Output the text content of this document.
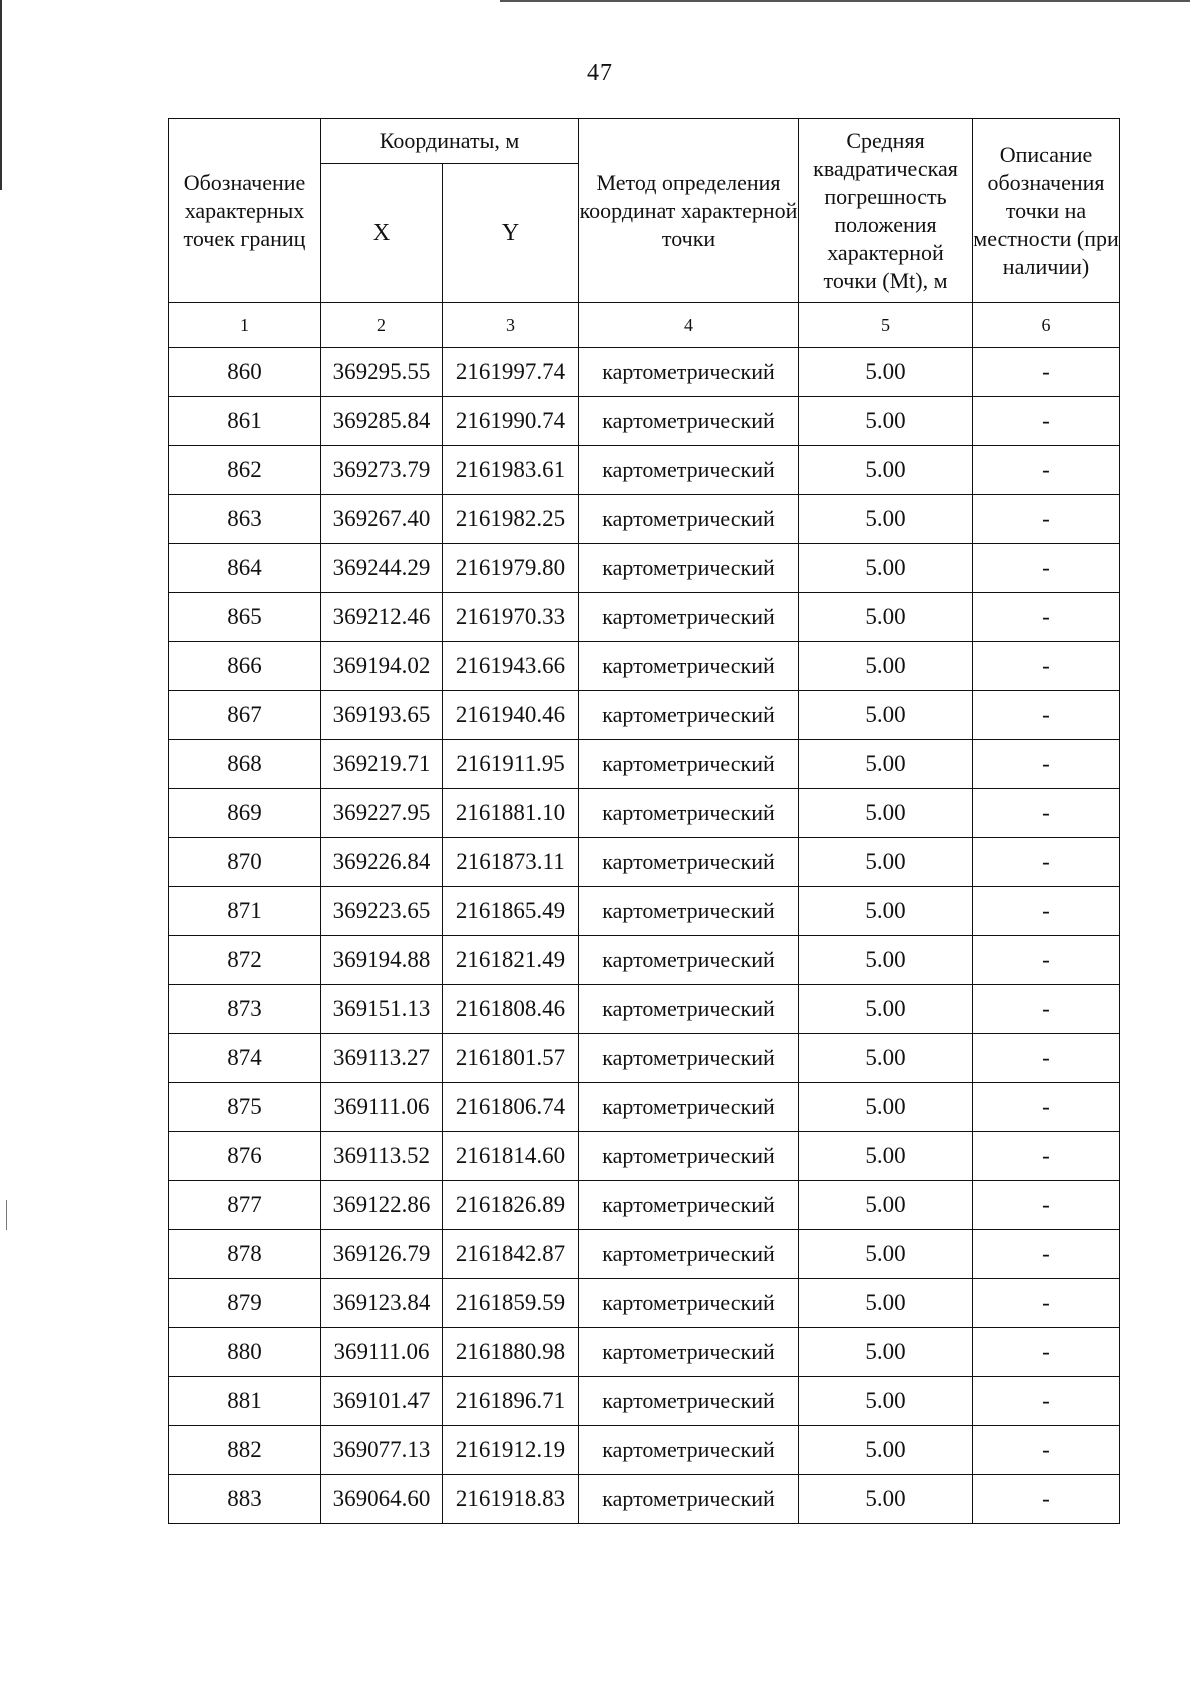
47
Обозначение характерных точек границ	Координаты, м		Метод определения координат характерной точки	Средняя квадратическая погрешность положения характерной точки (Mt), м	Описание обозначения точки на местности (при наличии)
	X	Y			
1	2	3	4	5	6
860	369295.55	2161997.74	картометрический	5.00	-
861	369285.84	2161990.74	картометрический	5.00	-
862	369273.79	2161983.61	картометрический	5.00	-
863	369267.40	2161982.25	картометрический	5.00	-
864	369244.29	2161979.80	картометрический	5.00	-
865	369212.46	2161970.33	картометрический	5.00	-
866	369194.02	2161943.66	картометрический	5.00	-
867	369193.65	2161940.46	картометрический	5.00	-
868	369219.71	2161911.95	картометрический	5.00	-
869	369227.95	2161881.10	картометрический	5.00	-
870	369226.84	2161873.11	картометрический	5.00	-
871	369223.65	2161865.49	картометрический	5.00	-
872	369194.88	2161821.49	картометрический	5.00	-
873	369151.13	2161808.46	картометрический	5.00	-
874	369113.27	2161801.57	картометрический	5.00	-
875	369111.06	2161806.74	картометрический	5.00	-
876	369113.52	2161814.60	картометрический	5.00	-
877	369122.86	2161826.89	картометрический	5.00	-
878	369126.79	2161842.87	картометрический	5.00	-
879	369123.84	2161859.59	картометрический	5.00	-
880	369111.06	2161880.98	картометрический	5.00	-
881	369101.47	2161896.71	картометрический	5.00	-
882	369077.13	2161912.19	картометрический	5.00	-
883	369064.60	2161918.83	картометрический	5.00	-
